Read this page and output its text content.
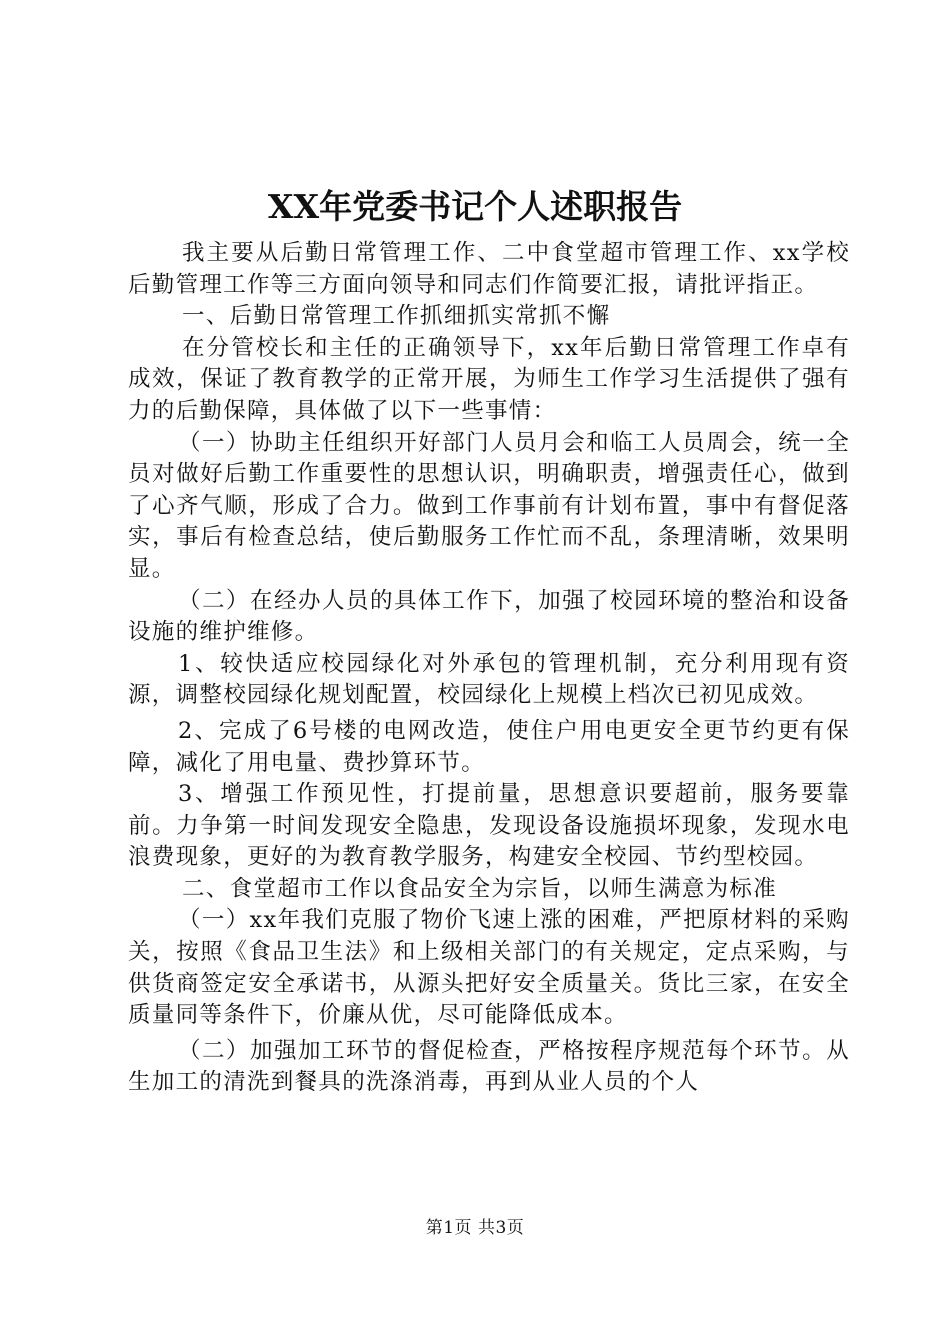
XX年党委书记个人述职报告

我主要从后勤日常管理工作、二中食堂超市管理工作、xx学校后勤管理工作等三方面向领导和同志们作简要汇报，请批评指正。

一、后勤日常管理工作抓细抓实常抓不懈

在分管校长和主任的正确领导下，xx年后勤日常管理工作卓有成效，保证了教育教学的正常开展，为师生工作学习生活提供了强有力的后勤保障，具体做了以下一些事情：

（一）协助主任组织开好部门人员月会和临工人员周会，统一全员对做好后勤工作重要性的思想认识，明确职责，增强责任心，做到了心齐气顺，形成了合力。做到工作事前有计划布置，事中有督促落实，事后有检查总结，使后勤服务工作忙而不乱，条理清晰，效果明显。

（二）在经办人员的具体工作下，加强了校园环境的整治和设备设施的维护维修。

1、较快适应校园绿化对外承包的管理机制，充分利用现有资源，调整校园绿化规划配置，校园绿化上规模上档次已初见成效。

2、完成了6号楼的电网改造，使住户用电更安全更节约更有保障，减化了用电量、费抄算环节。

3、增强工作预见性，打提前量，思想意识要超前，服务要靠前。力争第一时间发现安全隐患，发现设备设施损坏现象，发现水电浪费现象，更好的为教育教学服务，构建安全校园、节约型校园。

二、食堂超市工作以食品安全为宗旨，以师生满意为标准

（一）xx年我们克服了物价飞速上涨的困难，严把原材料的采购关，按照《食品卫生法》和上级相关部门的有关规定，定点采购，与供货商签定安全承诺书，从源头把好安全质量关。货比三家，在安全质量同等条件下，价廉从优，尽可能降低成本。

（二）加强加工环节的督促检查，严格按程序规范每个环节。从生加工的清洗到餐具的洗涤消毒，再到从业人员的个人

第1页 共3页
